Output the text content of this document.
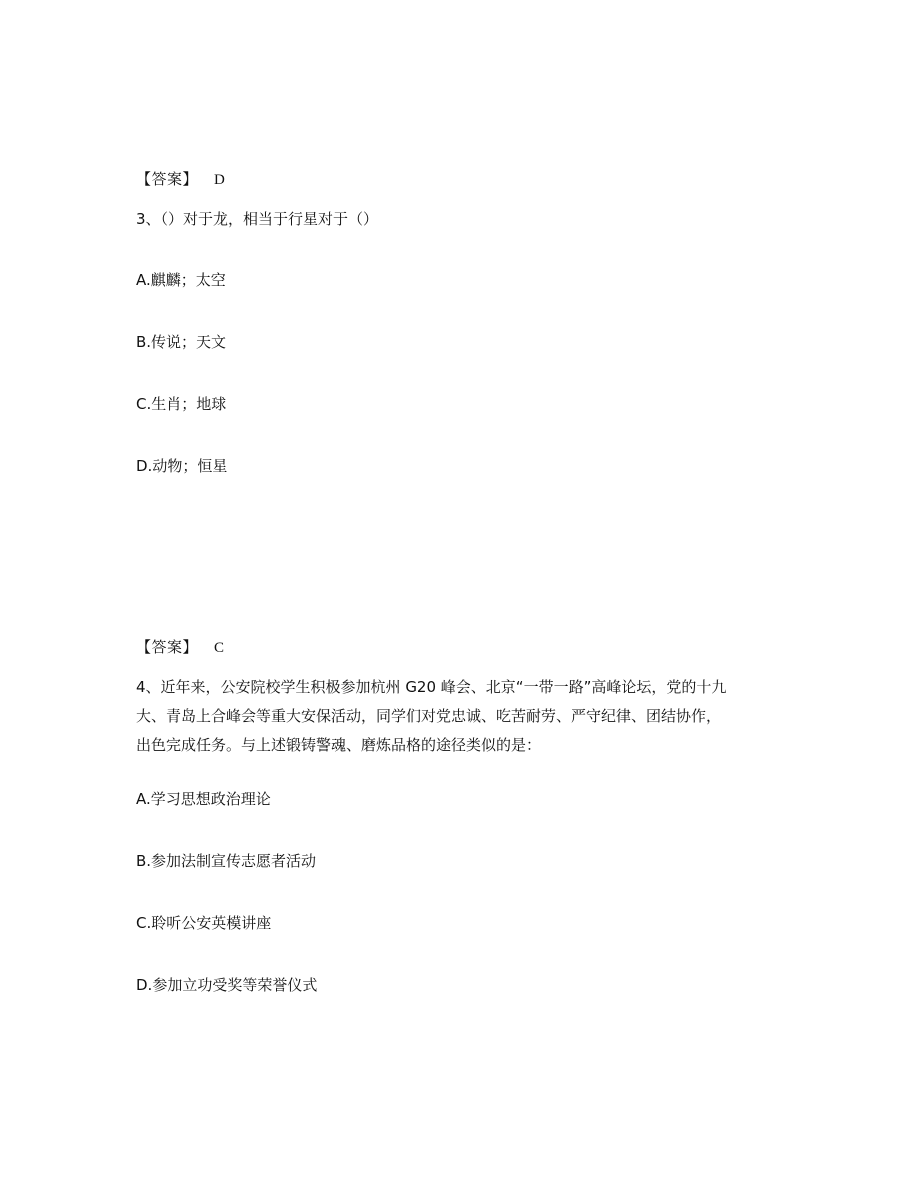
【答案】 D
3、（）对于龙，相当于行星对于（）
A.麒麟；太空
B.传说；天文
C.生肖；地球
D.动物；恒星
【答案】 C
4、近年来，公安院校学生积极参加杭州 G20 峰会、北京“一带一路”高峰论坛，党的十九
大、青岛上合峰会等重大安保活动，同学们对党忠诚、吃苦耐劳、严守纪律、团结协作，
出色完成任务。与上述锻铸警魂、磨炼品格的途径类似的是：
A.学习思想政治理论
B.参加法制宣传志愿者活动
C.聆听公安英模讲座
D.参加立功受奖等荣誉仪式
